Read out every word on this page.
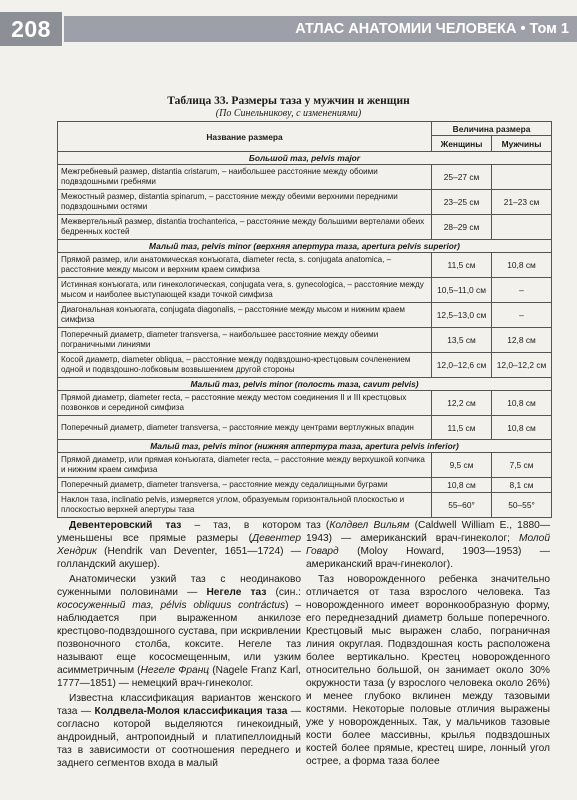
208	АТЛАС АНАТОМИИ ЧЕЛОВЕКА • Том 1
Таблица 33. Размеры таза у мужчин и женщин
(По Синельникову, с изменениями)
Название размера	Величина размера	
	Женщины	Мужчины
Большой таз, pelvis major		
Межгребневый размер, distantia cristarum, – наибольшее расстояние между обоими подвздошными гребнями	25–27 см	
Межостный размер, distantia spinarum, – расстояние между обеими верхними передними подвздошными остями	23–25 см	21–23 см
Межвертельный размер, distantia trochanterica, – расстояние между большими вертелами обеих бедренных костей	28–29 см	
Малый таз, pelvis minor (верхняя апертура таза, apertura pelvis superior)		
Прямой размер, или анатомическая конъюгата, diameter recta, s. conjugata anatomica, – расстояние между мысом и верхним краем симфиза	11,5 см	10,8 см
Истинная конъюгата, или гинекологическая, conjugata vera, s. gynecologica, – расстояние между мысом и наиболее выступающей кзади точкой симфиза	10,5–11,0 см	–
Диагональная конъюгата, conjugata diagonalis, – расстояние между мысом и нижним краем симфиза	12,5–13,0 см	–
Поперечный диаметр, diameter transversa, – наибольшее расстояние между обеими пограничными линиями	13,5 см	12,8 см
Косой диаметр, diameter obliqua, – расстояние между подвздошно-крестцовым сочленением одной и подвздошно-лобковым возвышением другой стороны	12,0–12,6 см	12,0–12,2 см
Малый таз, pelvis minor (полость таза, cavum pelvis)		
Прямой диаметр, diameter recta, – расстояние между местом соединения II и III крестцовых позвонков и серединой симфиза	12,2 см	10,8 см
Поперечный диаметр, diameter transversa, – расстояние между центрами вертлужных впадин	11,5 см	10,8 см
Малый таз, pelvis minor (нижняя аппертура таза, apertura pelvis inferior)		
Прямой диаметр, или прямая конъюгата, diameter recta, – расстояние между верхушкой копчика и нижним краем симфиза	9,5 см	7,5 см
Поперечный диаметр, diameter transversa, – расстояние между седалищными буграми	10,8 см	8,1 см
Наклон таза, inclinatio pelvis, измеряется углом, образуемым горизонтальной плоскостью и плоскостью верхней апертуры таза	55–60°	50–55°

Девентеровский таз – таз, в котором уменьшены все прямые размеры (Девентер Хендрик (Hendrik van Deventer, 1651—1724) — голландский акушер).

Анатомически узкий таз с неодинаково суженными половинами — Негеле таз (син.: кососуженный таз, pélvis obliquus contráctus) – наблюдается при выраженном анкилозе крестцово-подвздошного сустава, при искривлении позвоночного столба, коксите. Негеле таз называют еще кососмещенным, или узким асимметричным (Негеле Франц (Nagele Franz Karl, 1777—1851) — немецкий врач-гинеколог.

Известна классификация вариантов женского таза — Колдвела-Молоя классификация таза — согласно которой выделяются гинекоидный, андроидный, антропоидный и платипеллоидный таз в зависимости от соотношения переднего и заднего сегментов входа в малый

таз (Колдвел Вильям (Caldwell William E., 1880—1943) — американский врач-гинеколог; Молой Говард (Moloy Howard, 1903—1953) — американский врач-гинеколог).

Таз новорожденного ребенка значительно отличается от таза взрослого человека. Таз новорожденного имеет воронкообразную форму, его переднезадний диаметр больше поперечного. Крестцовый мыс выражен слабо, пограничная линия округлая. Подвздошная кость расположена более вертикально. Крестец новорожденного относительно большой, он занимает около 30% окружности таза (у взрослого человека около 26%) и менее глубоко вклинен между тазовыми костями. Некоторые половые отличия выражены уже у новорожденных. Так, у мальчиков тазовые кости более массивны, крылья подвздошных костей более прямые, крестец шире, лонный угол острее, а форма таза более
